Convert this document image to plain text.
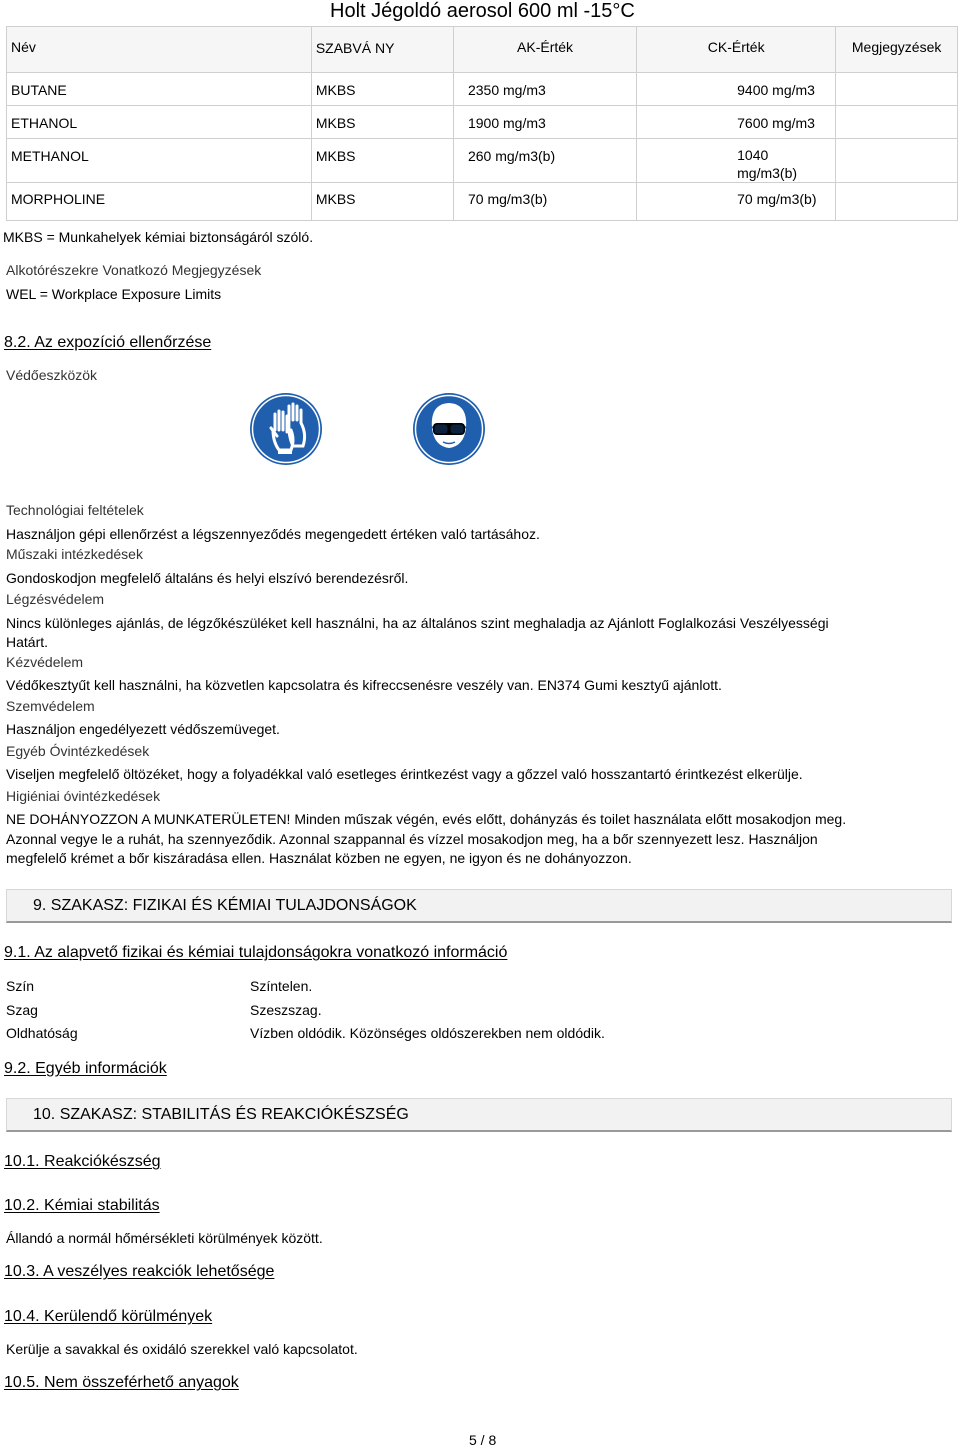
Holt Jégoldó aerosol 600 ml -15°C
Név	SZABVÁ NY	AK-Érték	CK-Érték	Megjegyzések
BUTANE	MKBS	2350 mg/m3	9400 mg/m3	
ETHANOL	MKBS	1900 mg/m3	7600 mg/m3	
METHANOL	MKBS	260 mg/m3(b)	1040 mg/m3(b)	
MORPHOLINE	MKBS	70 mg/m3(b)	70 mg/m3(b)	
MKBS = Munkahelyek kémiai biztonságáról szóló.
Alkotórészekre Vonatkozó Megjegyzések
WEL = Workplace Exposure Limits
8.2. Az expozíció ellenőrzése
Védőeszközök
Technológiai feltételek
Használjon gépi ellenőrzést a légszennyeződés megengedett értéken való tartásához.
Műszaki intézkedések
Gondoskodjon megfelelő általáns és helyi elszívó berendezésről.
Légzésvédelem
Nincs különleges ajánlás, de légzőkészüléket kell használni, ha az általános szint meghaladja az Ajánlott Foglalkozási Veszélyességi
Határt.
Kézvédelem
Védőkesztyűt kell használni, ha közvetlen kapcsolatra és kifreccsenésre veszély van. EN374 Gumi kesztyű ajánlott.
Szemvédelem
Használjon engedélyezett védőszemüveget.
Egyéb Óvintézkedések
Viseljen megfelelő öltözéket, hogy a folyadékkal való esetleges érintkezést vagy a gőzzel való hosszantartó érintkezést elkerülje.
Higiéniai óvintézkedések
NE DOHÁNYOZZON A MUNKATERÜLETEN! Minden műszak végén, evés előtt, dohányzás és toilet használata előtt mosakodjon meg.
Azonnal vegye le a ruhát, ha szennyeződik. Azonnal szappannal és vízzel mosakodjon meg, ha a bőr szennyezett lesz. Használjon
megfelelő krémet a bőr kiszáradása ellen. Használat közben ne egyen, ne igyon és ne dohányozzon.
9. SZAKASZ: FIZIKAI ÉS KÉMIAI TULAJDONSÁGOK
9.1. Az alapvető fizikai és kémiai tulajdonságokra vonatkozó információ
Szín	Színtelen.
Szag	Szeszszag.
Oldhatóság	Vízben oldódik. Közönséges oldószerekben nem oldódik.
9.2. Egyéb információk
10. SZAKASZ: STABILITÁS ÉS REAKCIÓKÉSZSÉG
10.1. Reakciókészség
10.2. Kémiai stabilitás
Állandó a normál hőmérsékleti körülmények között.
10.3. A veszélyes reakciók lehetősége
10.4. Kerülendő körülmények
Kerülje a savakkal és oxidáló szerekkel való kapcsolatot.
10.5. Nem összeférhető anyagok
5 / 8
